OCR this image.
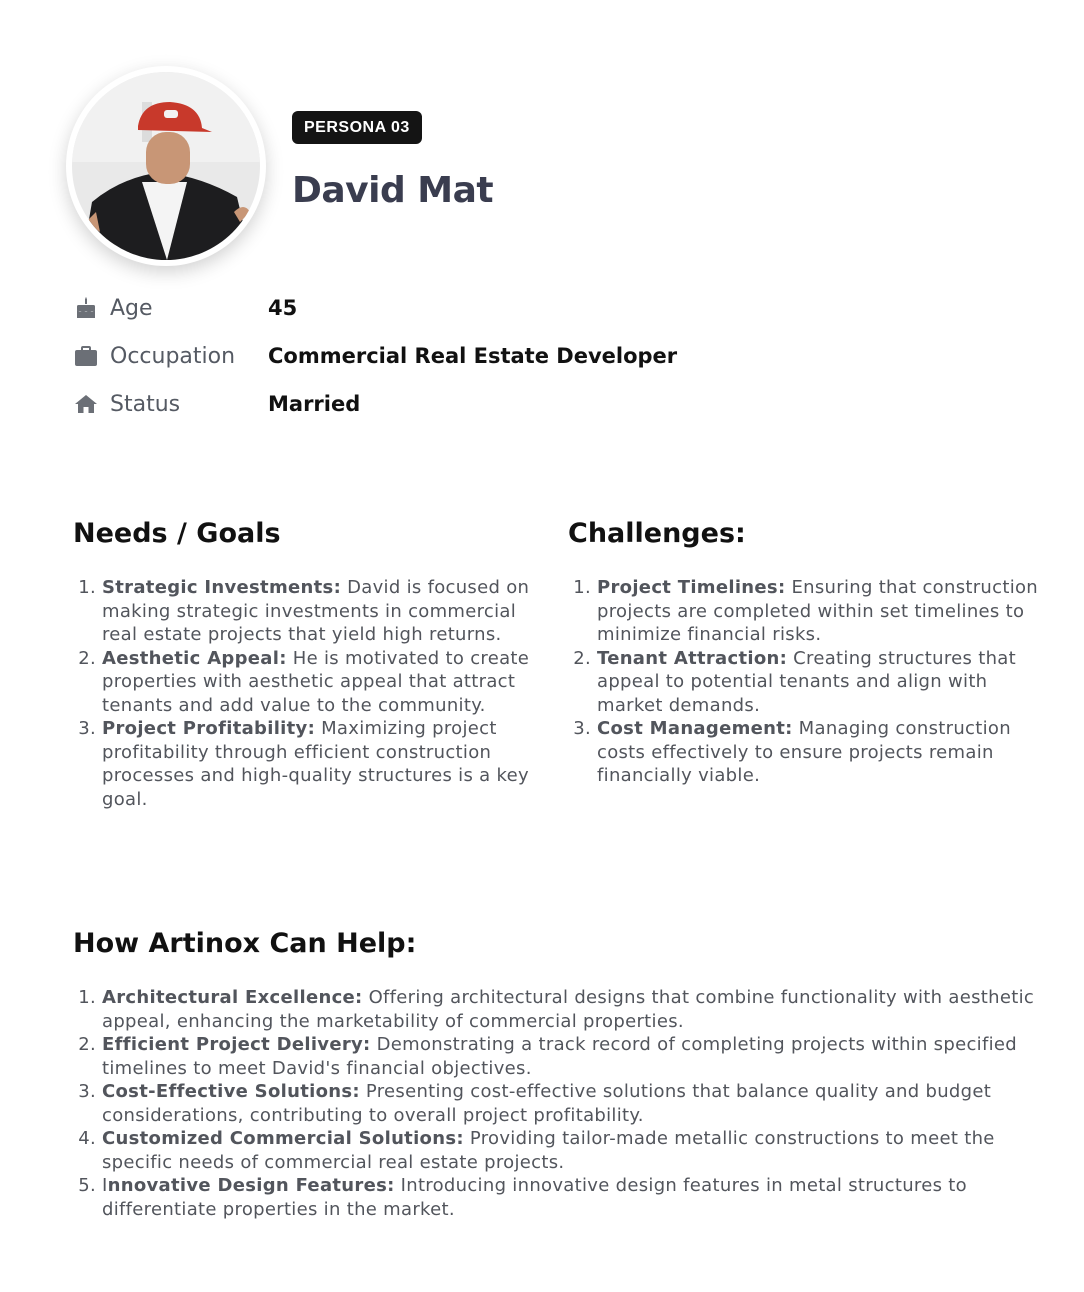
PERSONA 03
David Mat
Age	45
Occupation	Commercial Real Estate Developer
Status	Married
Needs / Goals
1. Strategic Investments: David is focused on making strategic investments in commercial real estate projects that yield high returns.
2. Aesthetic Appeal: He is motivated to create properties with aesthetic appeal that attract tenants and add value to the community.
3. Project Profitability: Maximizing project profitability through efficient construction processes and high-quality structures is a key goal.
Challenges:
1. Project Timelines: Ensuring that construction projects are completed within set timelines to minimize financial risks.
2. Tenant Attraction: Creating structures that appeal to potential tenants and align with market demands.
3. Cost Management: Managing construction costs effectively to ensure projects remain financially viable.
How Artinox Can Help:
1. Architectural Excellence: Offering architectural designs that combine functionality with aesthetic appeal, enhancing the marketability of commercial properties.
2. Efficient Project Delivery: Demonstrating a track record of completing projects within specified timelines to meet David's financial objectives.
3. Cost-Effective Solutions: Presenting cost-effective solutions that balance quality and budget considerations, contributing to overall project profitability.
4. Customized Commercial Solutions: Providing tailor-made metallic constructions to meet the specific needs of commercial real estate projects.
5. Innovative Design Features: Introducing innovative design features in metal structures to differentiate properties in the market.
